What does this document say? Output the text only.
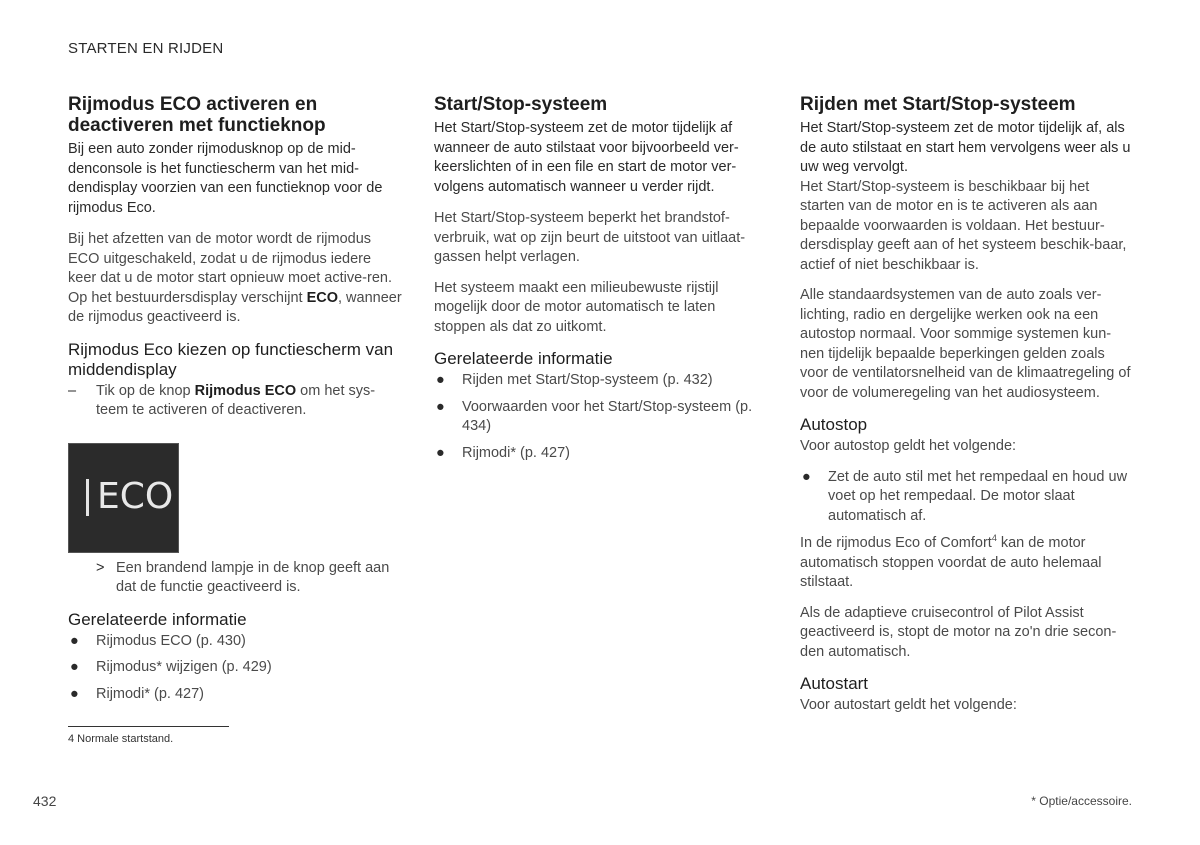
STARTEN EN RIJDEN
Rijmodus ECO activeren en deactiveren met functieknop

Bij een auto zonder rijmodusknop op de mid-denconsole is het functiescherm van het mid-dendisplay voorzien van een functieknop voor de rijmodus Eco.

Bij het afzetten van de motor wordt de rijmodus ECO uitgeschakeld, zodat u de rijmodus iedere keer dat u de motor start opnieuw moet active-ren. Op het bestuurdersdisplay verschijnt ECO, wanneer de rijmodus geactiveerd is.

Rijmodus Eco kiezen op functiescherm van middendisplay
– Tik op de knop Rijmodus ECO om het sys-teem te activeren of deactiveren.
ECO
> Een brandend lampje in de knop geeft aan dat de functie geactiveerd is.
Gerelateerde informatie
● Rijmodus ECO (p. 430)
● Rijmodus* wijzigen (p. 429)
● Rijmodi* (p. 427)
Start/Stop-systeem

Het Start/Stop-systeem zet de motor tijdelijk af wanneer de auto stilstaat voor bijvoorbeeld ver-keerslichten of in een file en start de motor ver-volgens automatisch wanneer u verder rijdt.

Het Start/Stop-systeem beperkt het brandstof-verbruik, wat op zijn beurt de uitstoot van uitlaat-gassen helpt verlagen.

Het systeem maakt een milieubewuste rijstijl mogelijk door de motor automatisch te laten stoppen als dat zo uitkomt.

Gerelateerde informatie
● Rijden met Start/Stop-systeem (p. 432)
● Voorwaarden voor het Start/Stop-systeem (p. 434)
● Rijmodi* (p. 427)
Rijden met Start/Stop-systeem

Het Start/Stop-systeem zet de motor tijdelijk af, als de auto stilstaat en start hem vervolgens weer als u uw weg vervolgt.

Het Start/Stop-systeem is beschikbaar bij het starten van de motor en is te activeren als aan bepaalde voorwaarden is voldaan. Het bestuur-dersdisplay geeft aan of het systeem beschik-baar, actief of niet beschikbaar is.

Alle standaardsystemen van de auto zoals ver-lichting, radio en dergelijke werken ook na een autostop normaal. Voor sommige systemen kun-nen tijdelijk bepaalde beperkingen gelden zoals voor de ventilatorsnelheid van de klimaatregeling of voor de volumeregeling van het audiosysteem.

Autostop

Voor autostop geldt het volgende:

● Zet de auto stil met het rempedaal en houd uw voet op het rempedaal. De motor slaat automatisch af.

In de rijmodus Eco of Comfort$^4$ kan de motor automatisch stoppen voordat de auto helemaal stilstaat.

Als de adaptieve cruisecontrol of Pilot Assist geactiveerd is, stopt de motor na zo'n drie secon-den automatisch.

Autostart

Voor autostart geldt het volgende:

4 Normale startstand.
432	* Optie/accessoire.
